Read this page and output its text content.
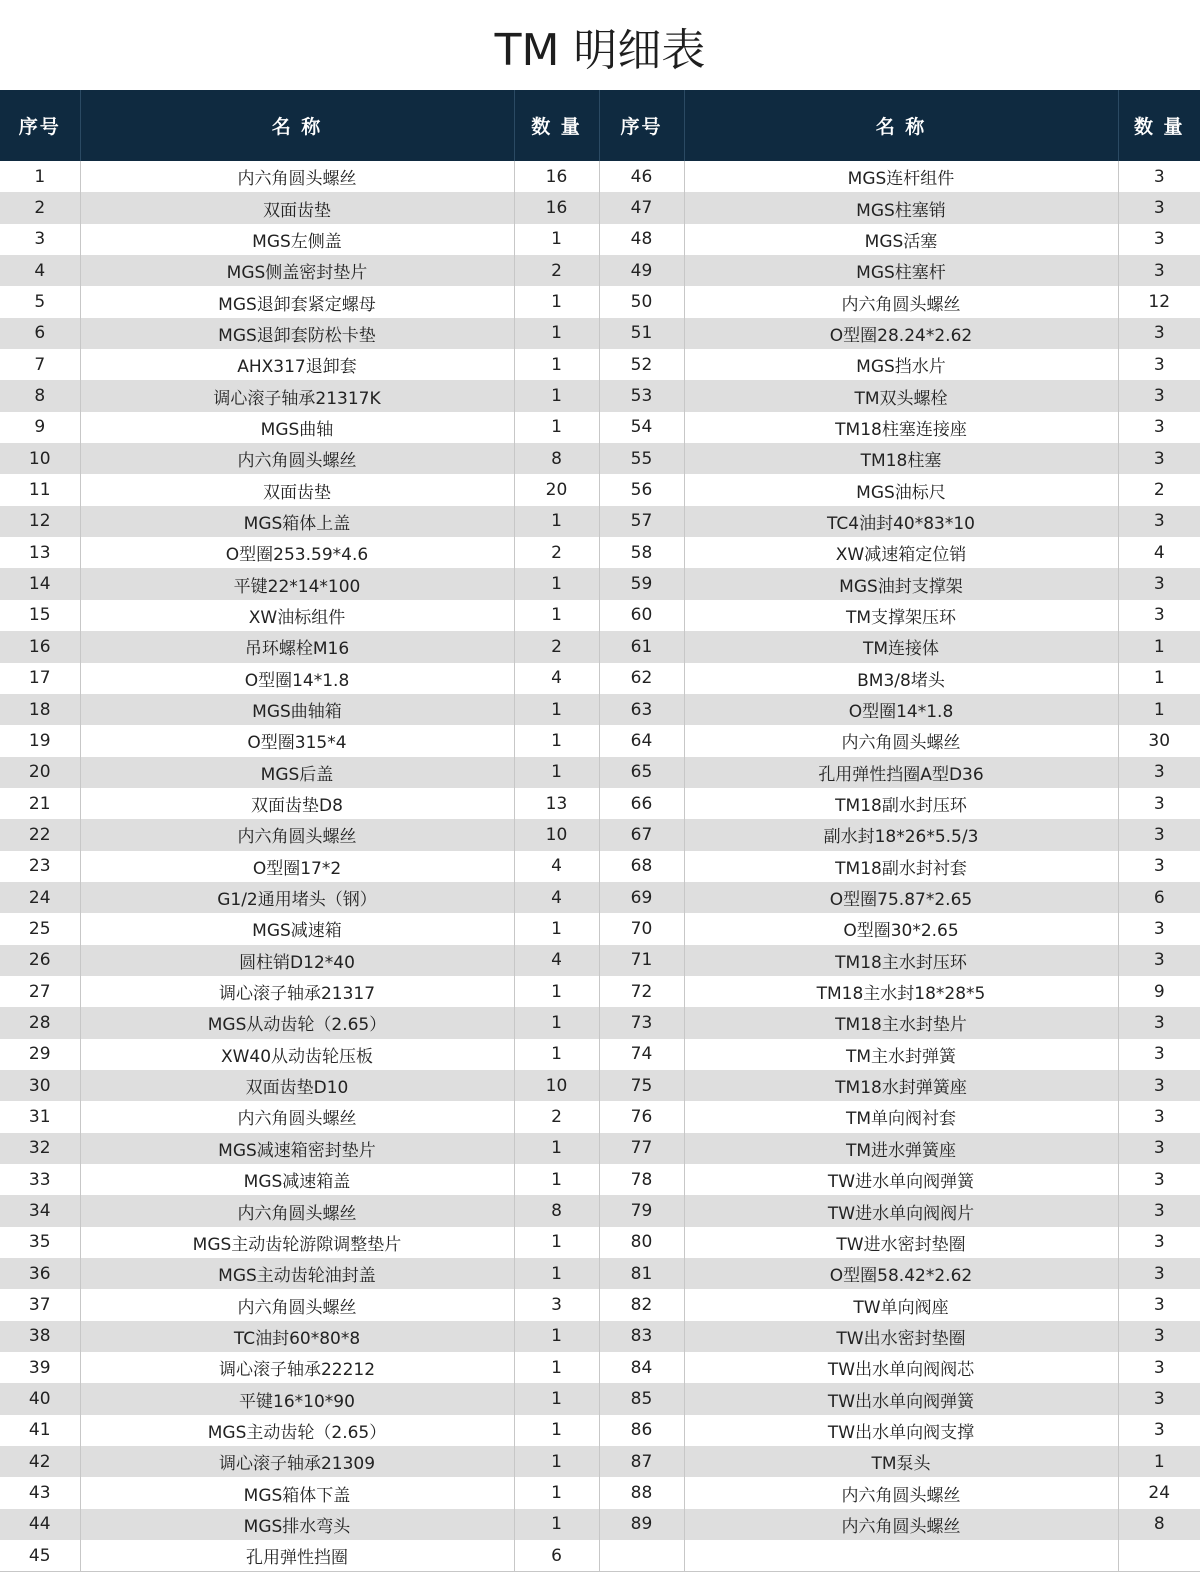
TM 明细表
序号	名 称	数 量	序号	名 称	数 量
1	内六角圆头螺丝	16	46	MGS连杆组件	3
2	双面齿垫	16	47	MGS柱塞销	3
3	MGS左侧盖	1	48	MGS活塞	3
4	MGS侧盖密封垫片	2	49	MGS柱塞杆	3
5	MGS退卸套紧定螺母	1	50	内六角圆头螺丝	12
6	MGS退卸套防松卡垫	1	51	O型圈28.24*2.62	3
7	AHX317退卸套	1	52	MGS挡水片	3
8	调心滚子轴承21317K	1	53	TM双头螺栓	3
9	MGS曲轴	1	54	TM18柱塞连接座	3
10	内六角圆头螺丝	8	55	TM18柱塞	3
11	双面齿垫	20	56	MGS油标尺	2
12	MGS箱体上盖	1	57	TC4油封40*83*10	3
13	O型圈253.59*4.6	2	58	XW减速箱定位销	4
14	平键22*14*100	1	59	MGS油封支撑架	3
15	XW油标组件	1	60	TM支撑架压环	3
16	吊环螺栓M16	2	61	TM连接体	1
17	O型圈14*1.8	4	62	BM3/8堵头	1
18	MGS曲轴箱	1	63	O型圈14*1.8	1
19	O型圈315*4	1	64	内六角圆头螺丝	30
20	MGS后盖	1	65	孔用弹性挡圈A型D36	3
21	双面齿垫D8	13	66	TM18副水封压环	3
22	内六角圆头螺丝	10	67	副水封18*26*5.5/3	3
23	O型圈17*2	4	68	TM18副水封衬套	3
24	G1/2通用堵头（钢）	4	69	O型圈75.87*2.65	6
25	MGS减速箱	1	70	O型圈30*2.65	3
26	圆柱销D12*40	4	71	TM18主水封压环	3
27	调心滚子轴承21317	1	72	TM18主水封18*28*5	9
28	MGS从动齿轮（2.65）	1	73	TM18主水封垫片	3
29	XW40从动齿轮压板	1	74	TM主水封弹簧	3
30	双面齿垫D10	10	75	TM18水封弹簧座	3
31	内六角圆头螺丝	2	76	TM单向阀衬套	3
32	MGS减速箱密封垫片	1	77	TM进水弹簧座	3
33	MGS减速箱盖	1	78	TW进水单向阀弹簧	3
34	内六角圆头螺丝	8	79	TW进水单向阀阀片	3
35	MGS主动齿轮游隙调整垫片	1	80	TW进水密封垫圈	3
36	MGS主动齿轮油封盖	1	81	O型圈58.42*2.62	3
37	内六角圆头螺丝	3	82	TW单向阀座	3
38	TC油封60*80*8	1	83	TW出水密封垫圈	3
39	调心滚子轴承22212	1	84	TW出水单向阀阀芯	3
40	平键16*10*90	1	85	TW出水单向阀弹簧	3
41	MGS主动齿轮（2.65）	1	86	TW出水单向阀支撑	3
42	调心滚子轴承21309	1	87	TM泵头	1
43	MGS箱体下盖	1	88	内六角圆头螺丝	24
44	MGS排水弯头	1	89	内六角圆头螺丝	8
45	孔用弹性挡圈	6			
